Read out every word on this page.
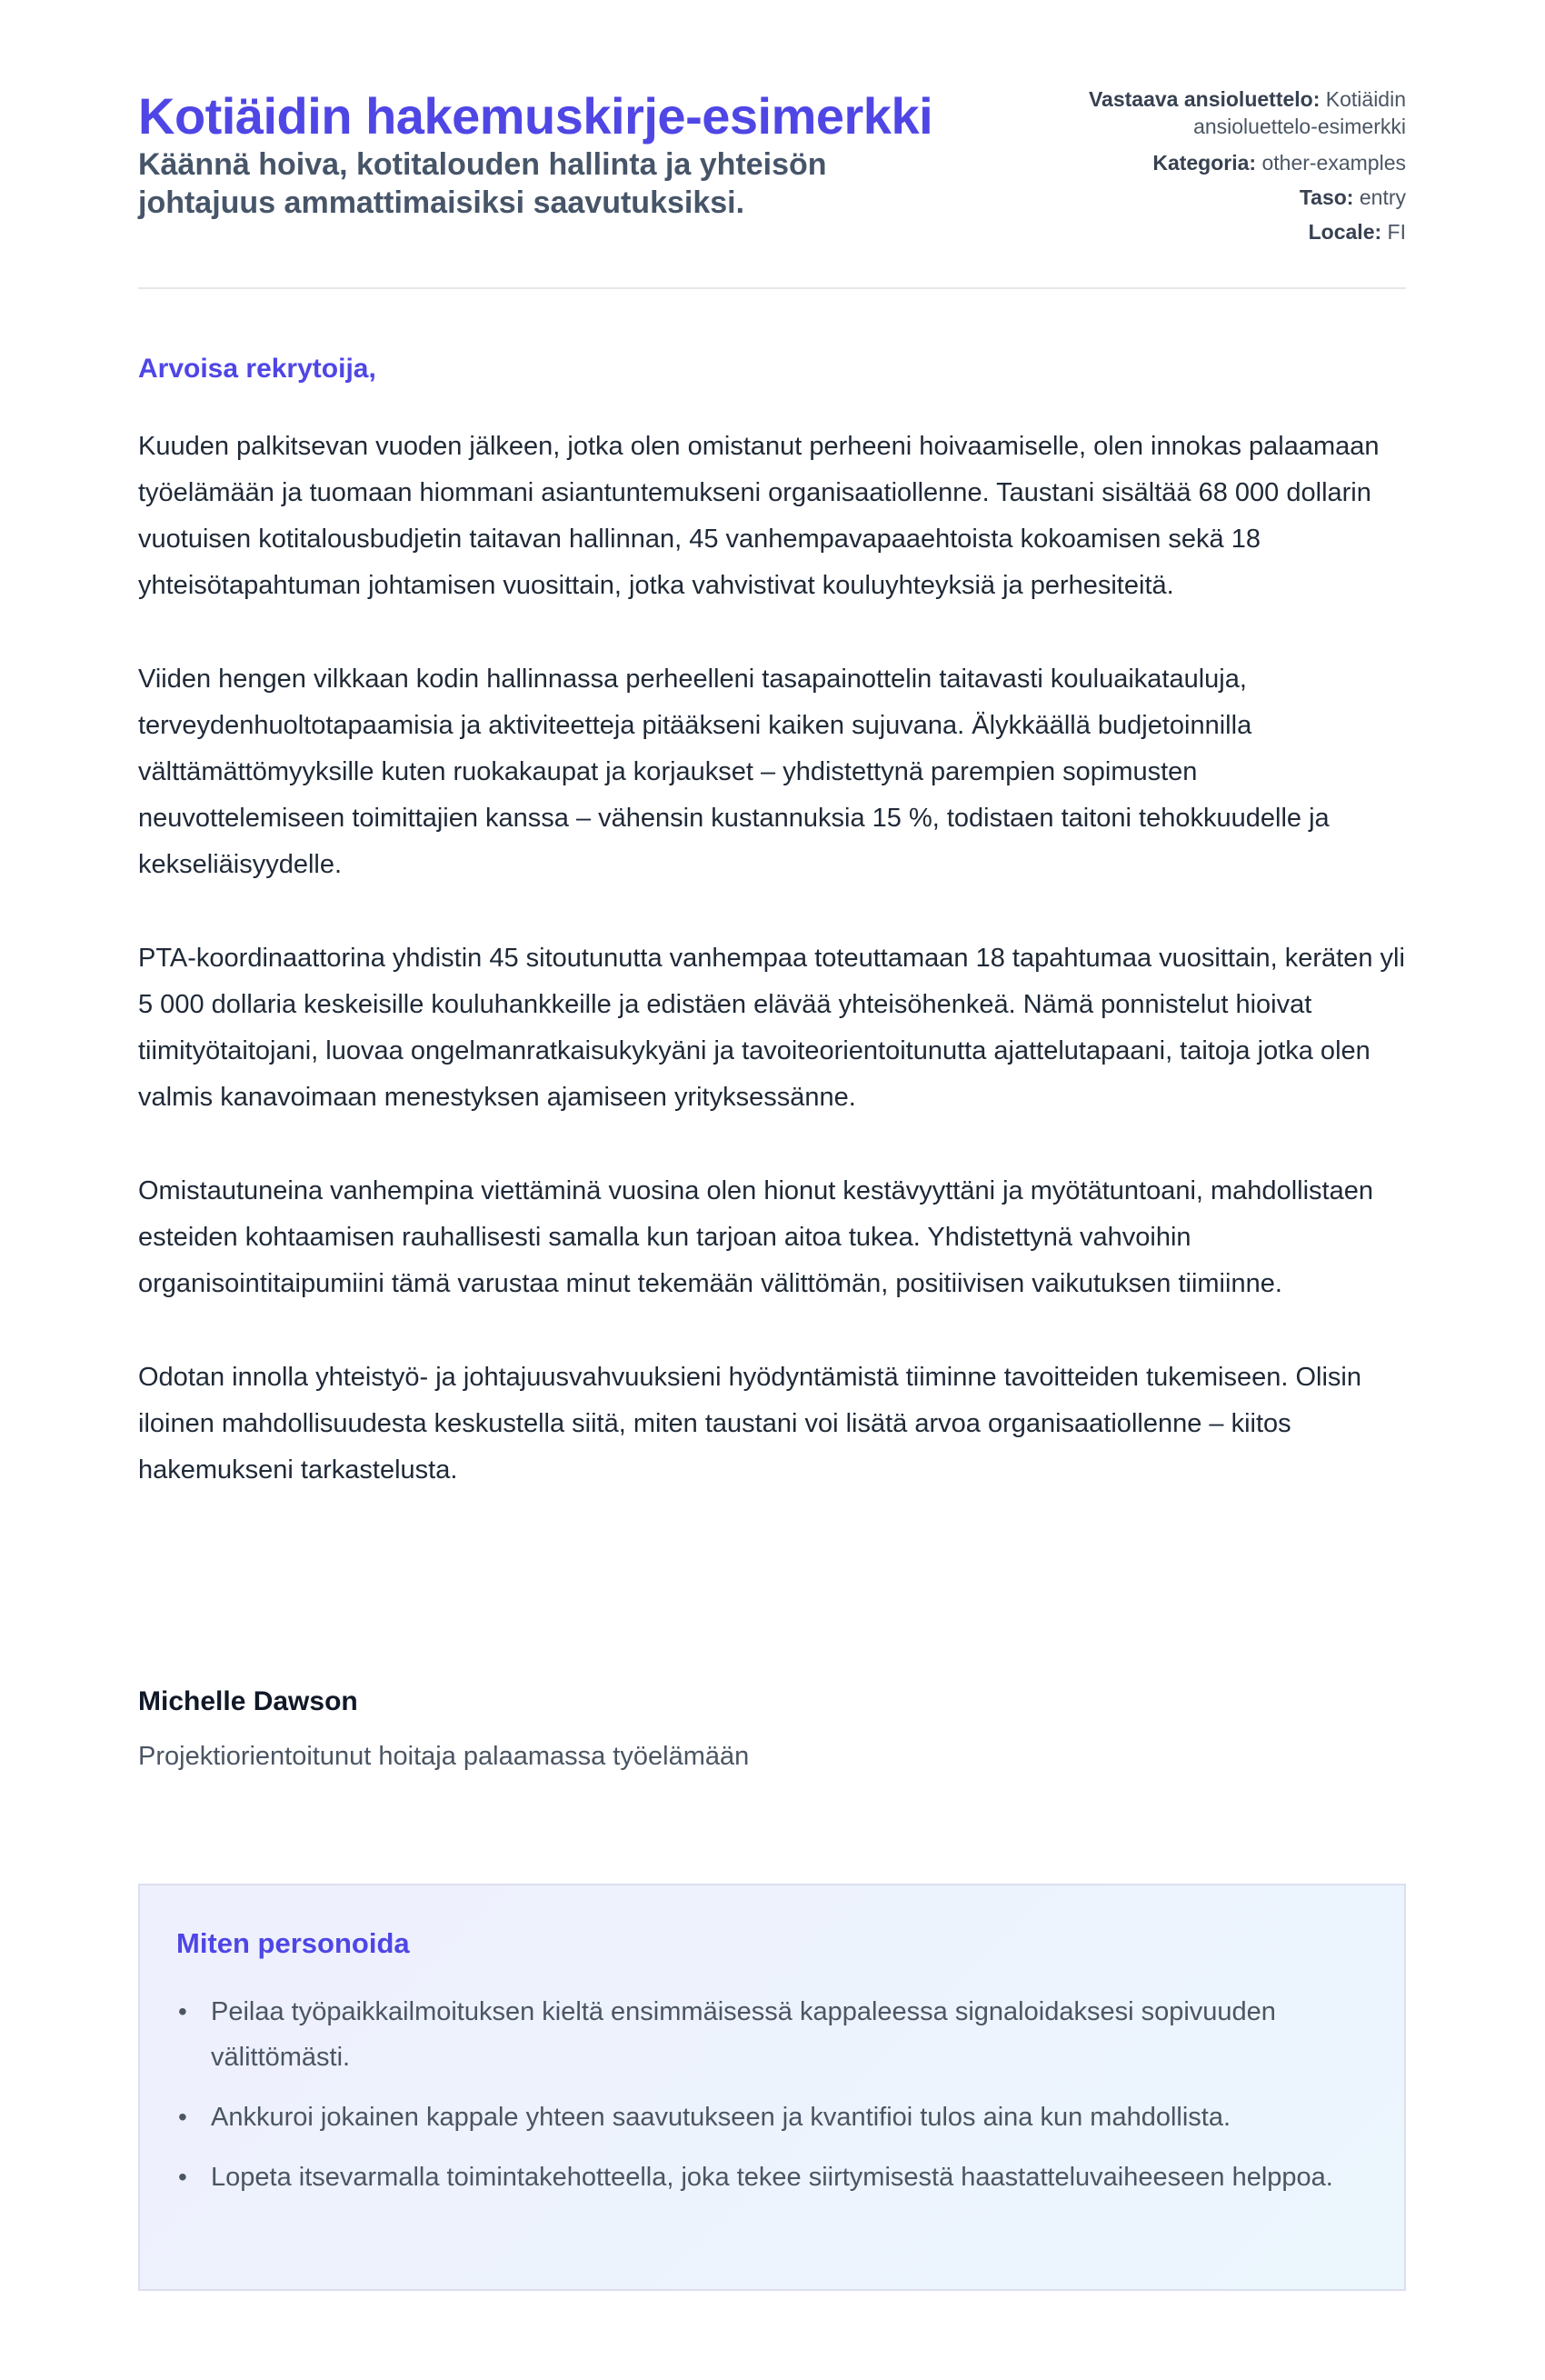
Kotiäidin hakemuskirje-esimerkki
Käännä hoiva, kotitalouden hallinta ja yhteisön johtajuus ammattimaisiksi saavutuksiksi.
Vastaava ansioluettelo: Kotiäidin ansioluettelo-esimerkki
Kategoria: other-examples
Taso: entry
Locale: FI

Arvoisa rekrytoija,

Kuuden palkitsevan vuoden jälkeen, jotka olen omistanut perheeni hoivaamiselle, olen innokas palaamaan työelämään ja tuomaan hiommani asiantuntemukseni organisaatiollenne. Taustani sisältää 68 000 dollarin vuotuisen kotitalousbudjetin taitavan hallinnan, 45 vanhempavapaaehtoista kokoamisen sekä 18 yhteisötapahtuman johtamisen vuosittain, jotka vahvistivat kouluyhteyksiä ja perhesiteitä.

Viiden hengen vilkkaan kodin hallinnassa perheelleni tasapainottelin taitavasti kouluaikatauluja, terveydenhuoltotapaamisia ja aktiviteetteja pitääkseni kaiken sujuvana. Älykkäällä budjetoinnilla välttämättömyyksille kuten ruokakaupat ja korjaukset – yhdistettynä parempien sopimusten neuvottelemiseen toimittajien kanssa – vähensin kustannuksia 15 %, todistaen taitoni tehokkuudelle ja kekseliäisyydelle.

PTA-koordinaattorina yhdistin 45 sitoutunutta vanhempaa toteuttamaan 18 tapahtumaa vuosittain, keräten yli 5 000 dollaria keskeisille kouluhankkeille ja edistäen elävää yhteisöhenkeä. Nämä ponnistelut hioivat tiimityötaitojani, luovaa ongelmanratkaisukykyäni ja tavoiteorientoitunutta ajattelutapaani, taitoja jotka olen valmis kanavoimaan menestyksen ajamiseen yrityksessänne.

Omistautuneina vanhempina viettäminä vuosina olen hionut kestävyyttäni ja myötätuntoani, mahdollistaen esteiden kohtaamisen rauhallisesti samalla kun tarjoan aitoa tukea. Yhdistettynä vahvoihin organisointitaipumiini tämä varustaa minut tekemään välittömän, positiivisen vaikutuksen tiimiinne.

Odotan innolla yhteistyö- ja johtajuusvahvuuksieni hyödyntämistä tiiminne tavoitteiden tukemiseen. Olisin iloinen mahdollisuudesta keskustella siitä, miten taustani voi lisätä arvoa organisaatiollenne – kiitos hakemukseni tarkastelusta.

Michelle Dawson

Projektiorientoitunut hoitaja palaamassa työelämään

Miten personoida
• Peilaa työpaikkailmoituksen kieltä ensimmäisessä kappaleessa signaloidaksesi sopivuuden välittömästi.
• Ankkuroi jokainen kappale yhteen saavutukseen ja kvantifioi tulos aina kun mahdollista.
• Lopeta itsevarmalla toimintakehotteella, joka tekee siirtymisestä haastatteluvaiheeseen helppoa.
